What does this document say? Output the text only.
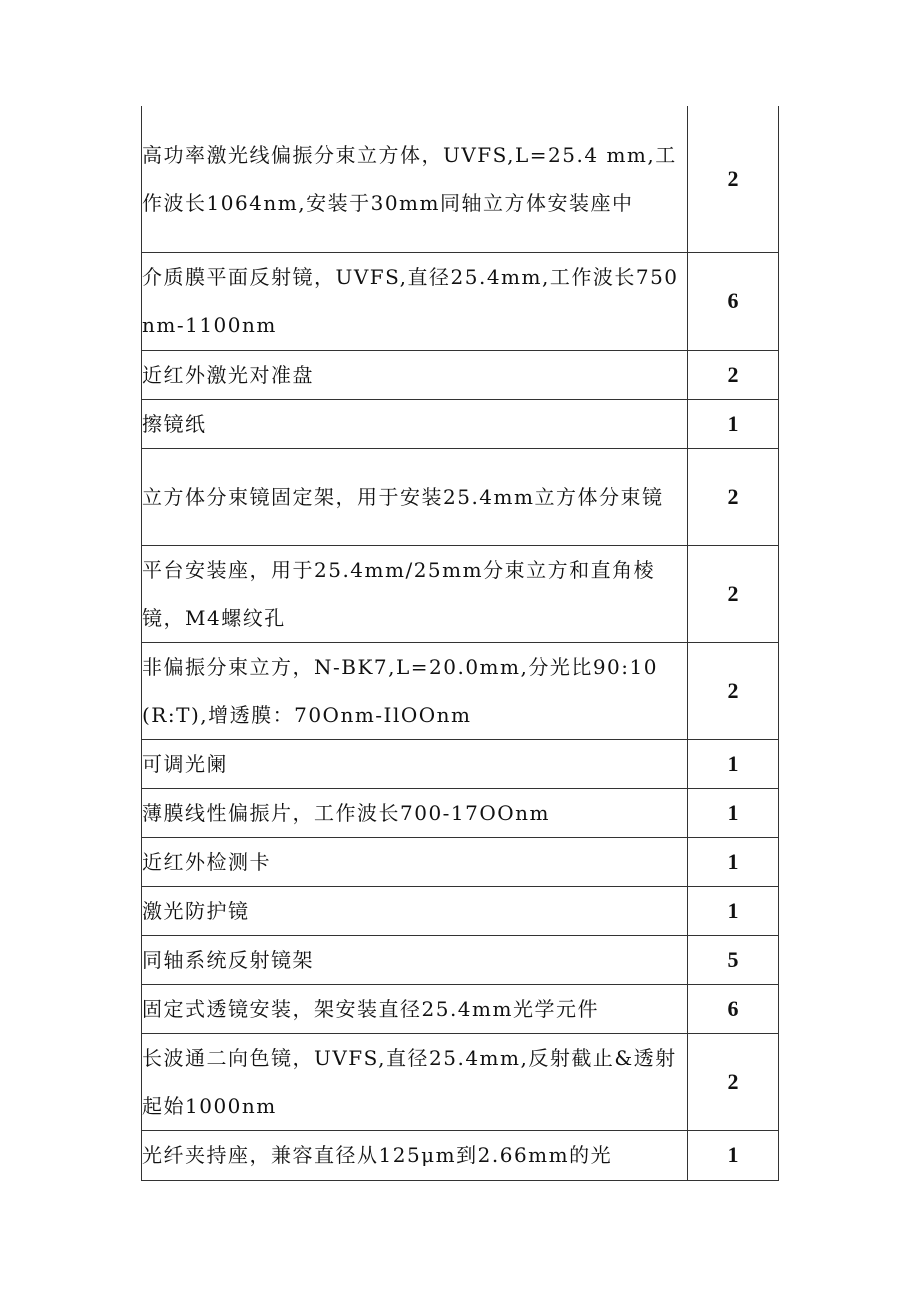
高功率激光线偏振分束立方体，UVFS,L=25.4 mm,工作波长1064nm,安装于30mm同轴立方体安装座中	2

介质膜平面反射镜，UVFS,直径25.4mm,工作波长750nm-1100nm	6

近红外激光对准盘	2

擦镜纸	1

立方体分束镜固定架，用于安装25.4mm立方体分束镜	2

平台安装座，用于25.4mm/25mm分束立方和直角棱镜，M4螺纹孔	2

非偏振分束立方，N-BK7,L=20.0mm,分光比90:10(R:T),增透膜：70Onm-IlOOnm	2

可调光阑	1

薄膜线性偏振片，工作波长700-17OOnm	1

近红外检测卡	1

激光防护镜	1

同轴系统反射镜架	5

固定式透镜安装，架安装直径25.4mm光学元件	6

长波通二向色镜，UVFS,直径25.4mm,反射截止&透射起始1000nm	2

光纤夹持座，兼容直径从125μm到2.66mm的光	1
